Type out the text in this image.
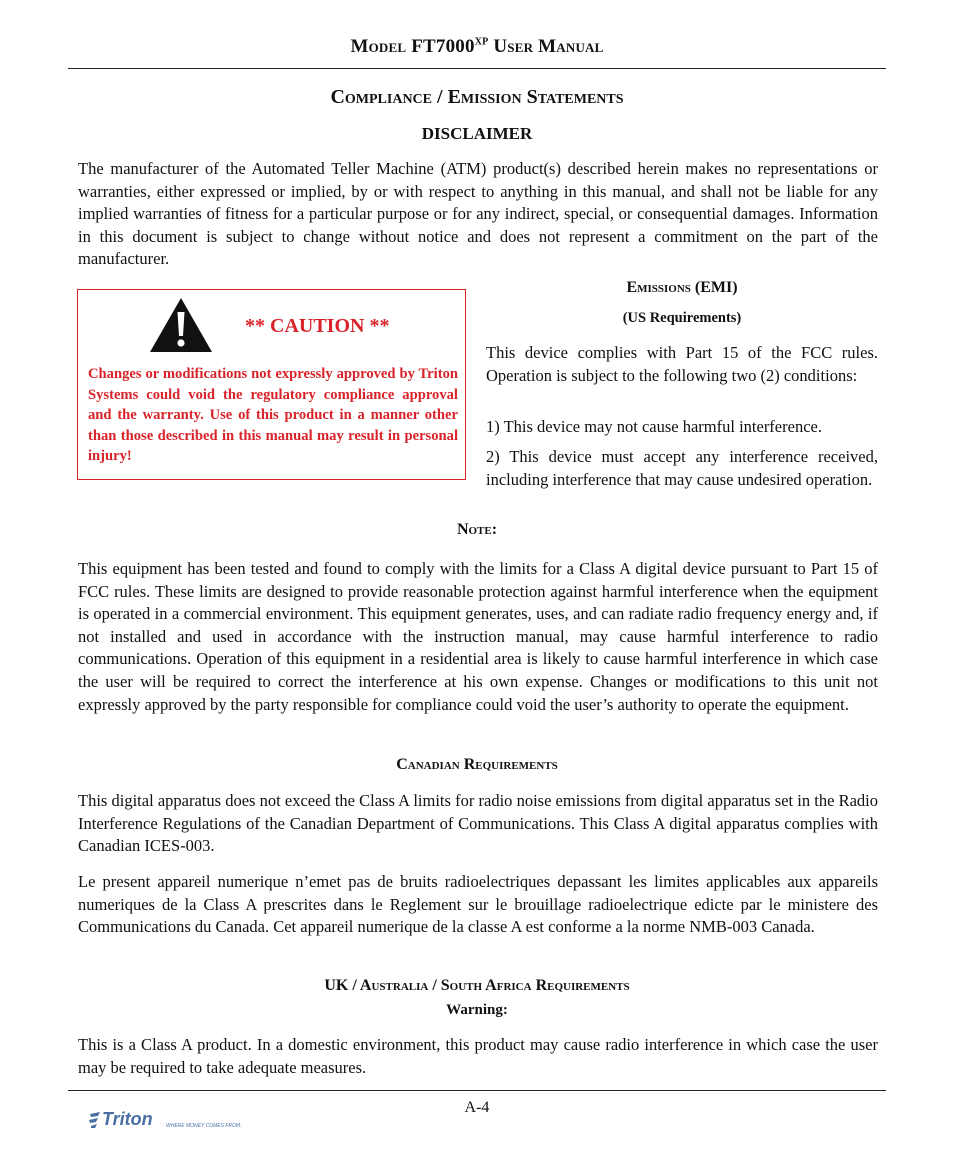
Model $FT7000^{XP}$ User Manual
Compliance / Emission Statements
DISCLAIMER

The manufacturer of the Automated Teller Machine (ATM) product(s) described herein makes no representations or warranties, either expressed or implied, by or with respect to anything in this manual, and shall not be liable for any implied warranties of fitness for a particular purpose or for any indirect, special, or consequential damages. Information in this document is subject to change without notice and does not represent a commitment on the part of the manufacturer.

** CAUTION **
Changes or modifications not expressly approved by Triton Systems could void the regulatory compliance approval and the warranty. Use of this product in a manner other than those described in this manual may result in personal injury!
Emissions (EMI)
(US Requirements)
This device complies with Part 15 of the FCC rules. Operation is subject to the following two (2) conditions:
1) This device may not cause harmful interference.
2) This device must accept any interference received, including interference that may cause undesired operation.
Note:

This equipment has been tested and found to comply with the limits for a Class A digital device pursuant to Part 15 of FCC rules. These limits are designed to provide reasonable protection against harmful interference when the equipment is operated in a commercial environment. This equipment generates, uses, and can radiate radio frequency energy and, if not installed and used in accordance with the instruction manual, may cause harmful interference to radio communications. Operation of this equipment in a residential area is likely to cause harmful interference in which case the user will be required to correct the interference at his own expense. Changes or modifications to this unit not expressly approved by the party responsible for compliance could void the user’s authority to operate the equipment.

Canadian Requirements

This digital apparatus does not exceed the Class A limits for radio noise emissions from digital apparatus set in the Radio Interference Regulations of the Canadian Department of Communications. This Class A digital apparatus complies with Canadian ICES-003.

Le present appareil numerique n’emet pas de bruits radioelectriques depassant les limites applicables aux appareils numeriques de la Class A prescrites dans le Reglement sur le brouillage radioelectrique edicte par le ministere des Communications du Canada. Cet appareil numerique de la classe A est conforme a la norme NMB-003 Canada.

UK / Australia / South Africa Requirements
Warning:

This is a Class A product. In a domestic environment, this product may cause radio interference in which case the user may be required to take adequate measures.

A-4
Triton	WHERE MONEY COMES FROM.
